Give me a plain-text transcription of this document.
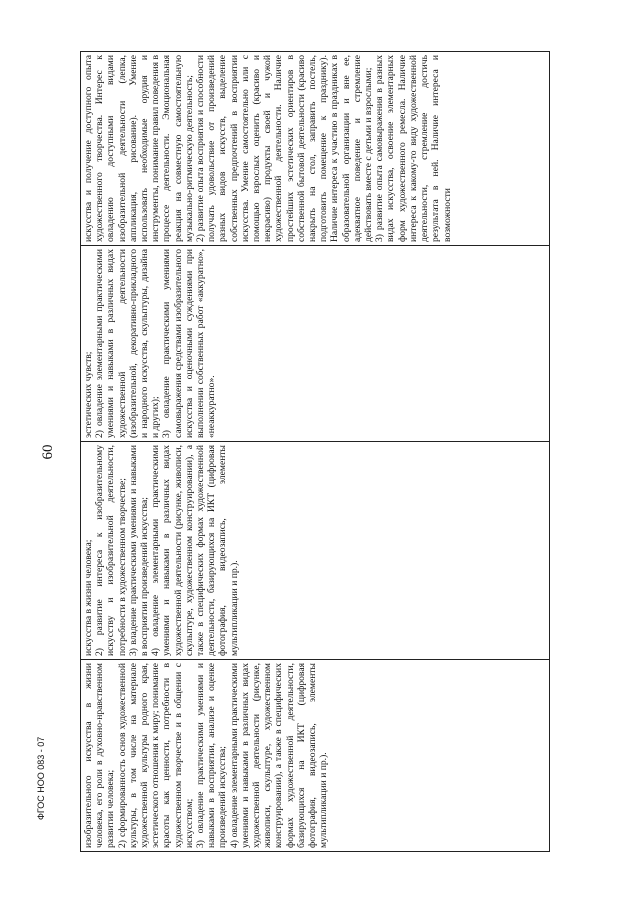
60

изобразительного искусства в жизни человека, его роли в духовно-нравственном развитии человека; 2) сформированность основ художественной культуры, в том числе на материале художественной культуры родного края, эстетического отношения к миру; понимание красоты как ценности, потребности в художественном творчестве и в общении с искусством; 3) овладение практическими умениями и навыками в восприятии, анализе и оценке произведений искусства; 4) овладение элементарными практическими умениями и навыками в различных видах художественной деятельности (рисунке, живописи, скульптуре, художественном конструировании), а также в специфических формах художественной деятельности, базирующихся на ИКТ (цифровая фотография, видеозапись, элементы мультипликации и пр.).

искусства в жизни человека; 2) развитие интереса к изобразительному искусству и изобразительной деятельности, потребности в художественном творчестве; 3) владение практическими умениями и навыками в восприятии произведений искусства; 4) овладение элементарными практическими умениями и навыками в различных видах художественной деятельности (рисунке, живописи, скульптуре, художественном конструировании), а также в специфических формах художественной деятельности, базирующихся на ИКТ (цифровая фотография, видеозапись, элементы мультипликации и пр.).

эстетических чувств; 2) овладение элементарными практическими умениями и навыками в различных видах художественной деятельности (изобразительной, декоративно-прикладного и народного искусства, скульптуры, дизайна и других); 3) овладение практическими умениями самовыражения средствами изобразительного искусства и оценочными суждениями при выполнении собственных работ «аккуратно», «неаккуратно».

искусства и получение доступного опыта художественного творчества. Интерес к овладению доступными видами изобразительной деятельности (лепка, аппликация, рисование). Умение использовать необходимые орудия и инструменты, понимание правил поведения в процессе деятельности. Эмоциональная реакция на совместную самостоятельную музыкально-ритмическую деятельность; 2) развитие опыта восприятия и способности получать удовольствие от произведений разных видов искусств, выделение собственных предпочтений в восприятии искусства. Умение самостоятельно или с помощью взрослых оценить (красиво и некрасиво) продукты своей и чужой художественной деятельности. Наличие простейших эстетических ориентиров в собственной бытовой деятельности (красиво накрыть на стол, заправить постель, подготовить помещение к празднику). Наличие интереса к участию в праздниках в образовательной организации и вне ее, адекватное поведение и стремление действовать вместе с детьми и взрослыми; 3) развитие опыта самовыражения в разных видах искусства, освоение элементарных форм художественного ремесла. Наличие интереса к какому-то виду художественной деятельности, стремление достичь результата в ней. Наличие интереса и возможности

ФГОС НОО 083 - 07
